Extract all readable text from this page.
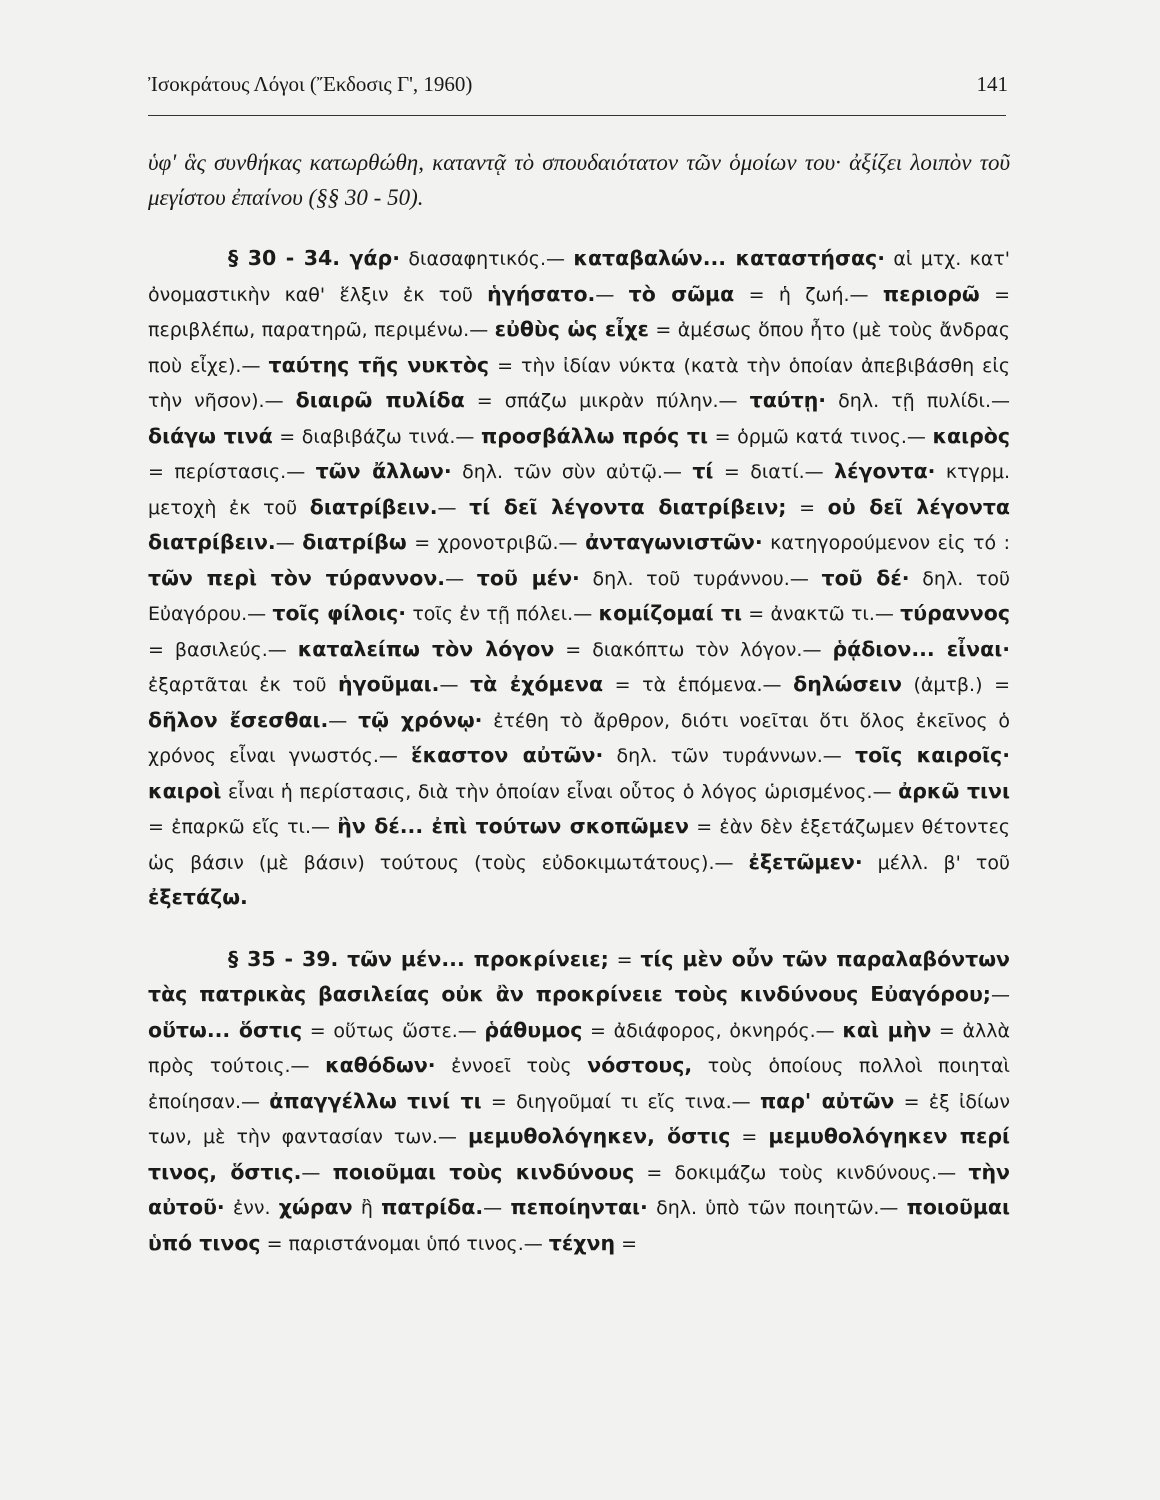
Ἰσοκράτους Λόγοι (Ἔκδοσις Γ', 1960)	141

ὑφ' ἃς συνθήκας κατωρθώθη, καταντᾷ τὸ σπουδαιότατον τῶν ὁμοίων του· ἀξίζει λοιπὸν τοῦ μεγίστου ἐπαίνου (§§ 30 - 50).

§ 30 - 34. γάρ· διασαφητικός.— καταβαλών... καταστήσας· αἱ μτχ. κατ' ὀνομαστικὴν καθ' ἕλξιν ἐκ τοῦ ἡγήσατο.— τὸ σῶμα = ἡ ζωή.— περιορῶ = περιβλέπω, παρατηρῶ, περιμένω.— εὐθὺς ὡς εἶχε = ἀμέσως ὅπου ἦτο (μὲ τοὺς ἄνδρας ποὺ εἶχε).— ταύτης τῆς νυκτὸς = τὴν ἰδίαν νύκτα (κατὰ τὴν ὁποίαν ἀπεβιβάσθη εἰς τὴν νῆσον).— διαιρῶ πυλίδα = σπάζω μικρὰν πύλην.— ταύτῃ· δηλ. τῇ πυλίδι.— διάγω τινά = διαβιβάζω τινά.— προσβάλλω πρός τι = ὁρμῶ κατά τινος.— καιρὸς = περίστασις.— τῶν ἄλλων· δηλ. τῶν σὺν αὐτῷ.— τί = διατί.— λέγοντα· κτγρμ. μετοχὴ ἐκ τοῦ διατρίβειν.— τί δεῖ λέγοντα διατρίβειν; = οὐ δεῖ λέγοντα διατρίβειν.— διατρίβω = χρονοτριβῶ.— ἀνταγωνιστῶν· κατηγορούμενον εἰς τό : τῶν περὶ τὸν τύραννον.— τοῦ μέν· δηλ. τοῦ τυράννου.— τοῦ δέ· δηλ. τοῦ Εὐαγόρου.— τοῖς φίλοις· τοῖς ἐν τῇ πόλει.— κομίζομαί τι = ἀνακτῶ τι.— τύραννος = βασιλεύς.— καταλείπω τὸν λόγον = διακόπτω τὸν λόγον.— ῥᾴδιον... εἶναι· ἐξαρτᾶται ἐκ τοῦ ἡγοῦμαι.— τὰ ἐχόμενα = τὰ ἑπόμενα.— δηλώσειν (ἀμτβ.) = δῆλον ἔσεσθαι.— τῷ χρόνῳ· ἐτέθη τὸ ἄρθρον, διότι νοεῖται ὅτι ὅλος ἐκεῖνος ὁ χρόνος εἶναι γνωστός.— ἕκαστον αὐτῶν· δηλ. τῶν τυράννων.— τοῖς καιροῖς· καιροὶ εἶναι ἡ περίστασις, διὰ τὴν ὁποίαν εἶναι οὗτος ὁ λόγος ὡρισμένος.— ἀρκῶ τινι = ἐπαρκῶ εἴς τι.— ἢν δέ... ἐπὶ τούτων σκοπῶμεν = ἐὰν δὲν ἐξετάζωμεν θέτοντες ὡς βάσιν (μὲ βάσιν) τούτους (τοὺς εὐδοκιμωτάτους).— ἐξετῶμεν· μέλλ. β' τοῦ ἐξετάζω.

§ 35 - 39. τῶν μέν... προκρίνειε; = τίς μὲν οὖν τῶν παραλαβόντων τὰς πατρικὰς βασιλείας οὐκ ἂν προκρίνειε τοὺς κινδύνους Εὐαγόρου;— οὕτω... ὅστις = οὕτως ὥστε.— ῥάθυμος = ἀδιάφορος, ὀκνηρός.— καὶ μὴν = ἀλλὰ πρὸς τούτοις.— καθόδων· ἐννοεῖ τοὺς νόστους, τοὺς ὁποίους πολλοὶ ποιηταὶ ἐποίησαν.— ἀπαγγέλλω τινί τι = διηγοῦμαί τι εἴς τινα.— παρ' αὐτῶν = ἐξ ἰδίων των, μὲ τὴν φαντασίαν των.— μεμυθολόγηκεν, ὅστις = μεμυθολόγηκεν περί τινος, ὅστις.— ποιοῦμαι τοὺς κινδύνους = δοκιμάζω τοὺς κινδύνους.— τὴν αὐτοῦ· ἐνν. χώραν ἢ πατρίδα.— πεποίηνται· δηλ. ὑπὸ τῶν ποιητῶν.— ποιοῦμαι ὑπό τινος = παριστάνομαι ὑπό τινος.— τέχνη =
